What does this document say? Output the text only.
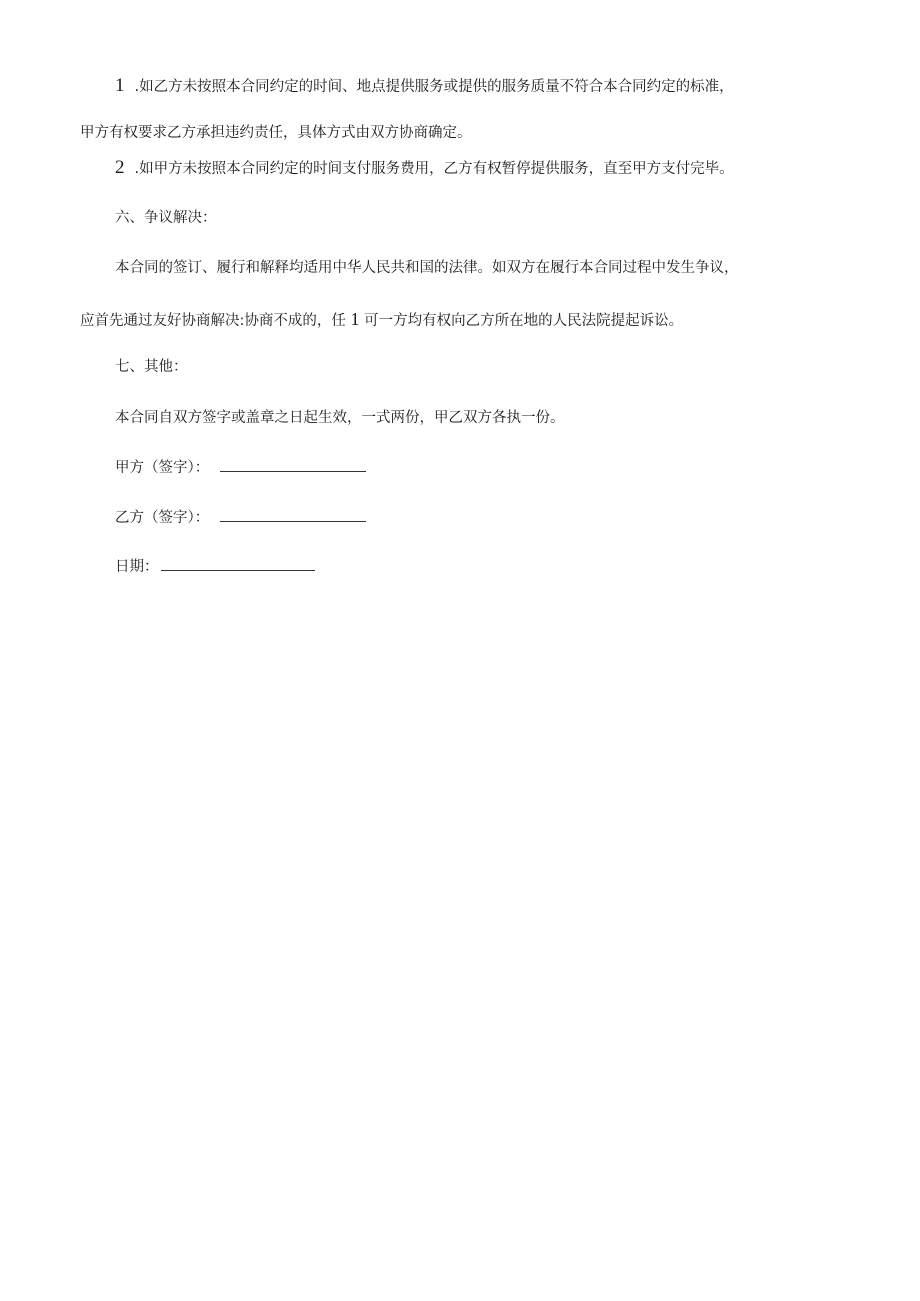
1 .如乙方未按照本合同约定的时间、地点提供服务或提供的服务质量不符合本合同约定的标准，
甲方有权要求乙方承担违约责任，具体方式由双方协商确定。
2 .如甲方未按照本合同约定的时间支付服务费用，乙方有权暂停提供服务，直至甲方支付完毕。
六、争议解决：
本合同的签订、履行和解释均适用中华人民共和国的法律。如双方在履行本合同过程中发生争议，
应首先通过友好协商解决:协商不成的，任 1 可一方均有权向乙方所在地的人民法院提起诉讼。
七、其他：
本合同自双方签字或盖章之日起生效，一式两份，甲乙双方各执一份。
甲方（签字）：
乙方（签字）：
日期：
